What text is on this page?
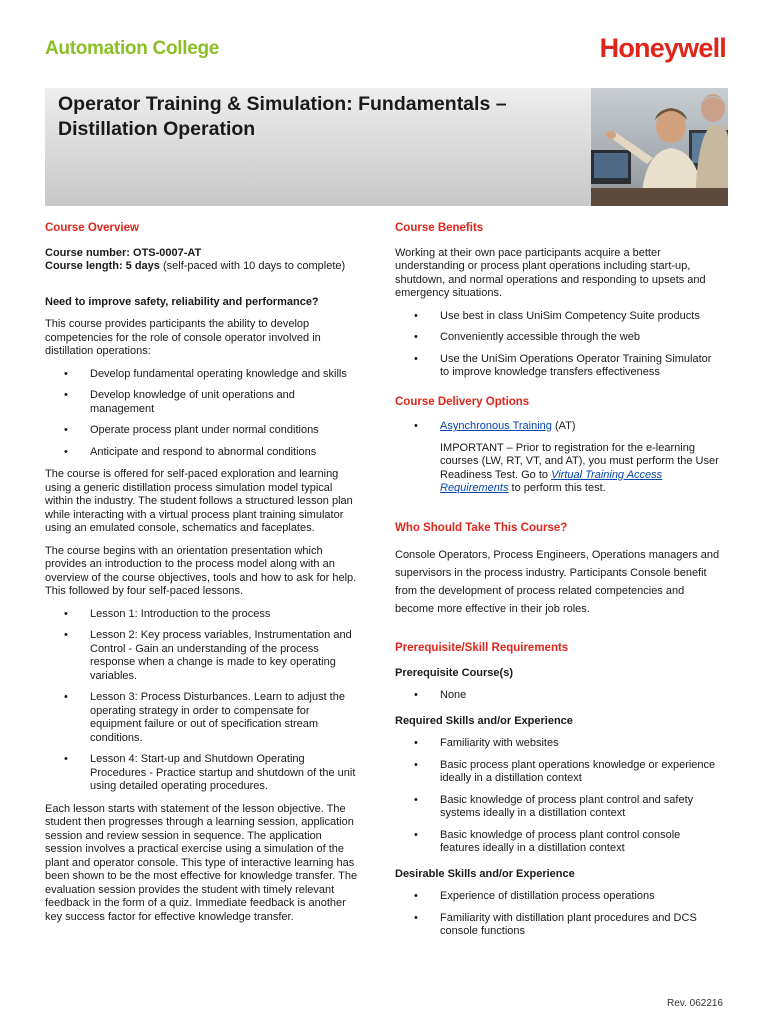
Automation College	Honeywell
Operator Training & Simulation: Fundamentals – Distillation Operation
Course Overview
Course number: OTS-0007-AT
Course length: 5 days (self-paced with 10 days to complete)
Need to improve safety, reliability and performance?

This course provides participants the ability to develop competencies for the role of console operator involved in distillation operations:

• Develop fundamental operating knowledge and skills
• Develop knowledge of unit operations and management
• Operate process plant under normal conditions
• Anticipate and respond to abnormal conditions

The course is offered for self-paced exploration and learning using a generic distillation process simulation model typical within the industry. The student follows a structured lesson plan while interacting with a virtual process plant training simulator using an emulated console, schematics and faceplates.

The course begins with an orientation presentation which provides an introduction to the process model along with an overview of the course objectives, tools and how to ask for help. This followed by four self-paced lessons.

• Lesson 1: Introduction to the process
• Lesson 2: Key process variables, Instrumentation and Control - Gain an understanding of the process response when a change is made to key operating variables.
• Lesson 3: Process Disturbances. Learn to adjust the operating strategy in order to compensate for equipment failure or out of specification stream conditions.
• Lesson 4: Start-up and Shutdown Operating Procedures - Practice startup and shutdown of the unit using detailed operating procedures.

Each lesson starts with statement of the lesson objective. The student then progresses through a learning session, application session and review session in sequence. The application session involves a practical exercise using a simulation of the plant and operator console. This type of interactive learning has been shown to be the most effective for knowledge transfer. The evaluation session provides the student with timely relevant feedback in the form of a quiz. Immediate feedback is another key success factor for effective knowledge transfer.

Course Benefits

Working at their own pace participants acquire a better understanding or process plant operations including start-up, shutdown, and normal operations and responding to upsets and emergency situations.

• Use best in class UniSim Competency Suite products
• Conveniently accessible through the web
• Use the UniSim Operations Operator Training Simulator to improve knowledge transfers effectiveness
Course Delivery Options
• Asynchronous Training (AT)

IMPORTANT – Prior to registration for the e-learning courses (LW, RT, VT, and AT), you must perform the User Readiness Test. Go to Virtual Training Access Requirements to perform this test.

Who Should Take This Course?

Console Operators, Process Engineers, Operations managers and supervisors in the process industry. Participants Console benefit from the development of process related competencies and become more effective in their job roles.

Prerequisite/Skill Requirements
Prerequisite Course(s)
• None
Required Skills and/or Experience
• Familiarity with websites
• Basic process plant operations knowledge or experience ideally in a distillation context
• Basic knowledge of process plant control and safety systems ideally in a distillation context
• Basic knowledge of process plant control console features ideally in a distillation context
Desirable Skills and/or Experience
• Experience of distillation process operations
• Familiarity with distillation plant procedures and DCS console functions
Rev. 062216
